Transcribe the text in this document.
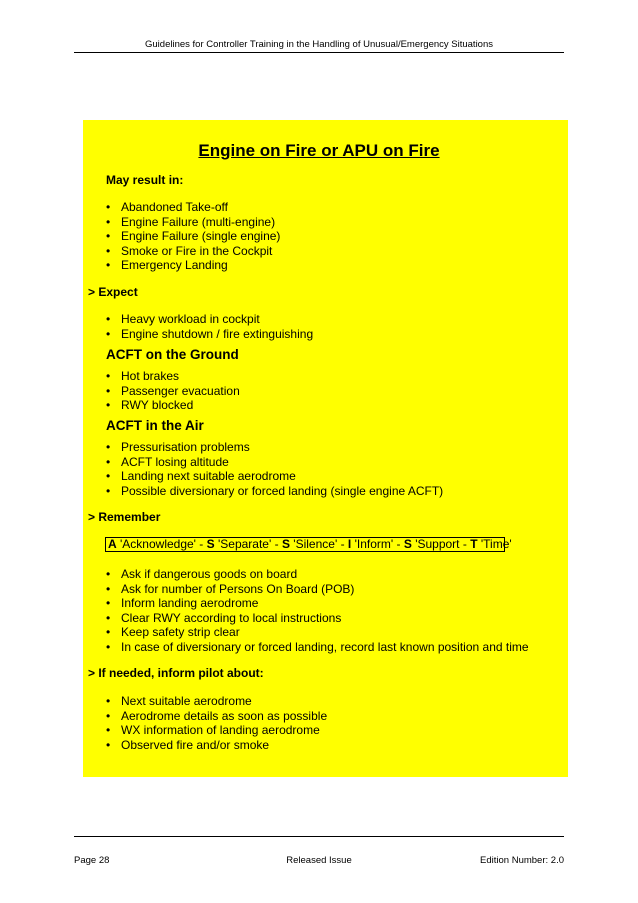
Guidelines for Controller Training in the Handling of Unusual/Emergency Situations
Engine on Fire or APU on Fire
May result in:
• Abandoned Take-off
• Engine Failure (multi-engine)
• Engine Failure (single engine)
• Smoke or Fire in the Cockpit
• Emergency Landing
> Expect
• Heavy workload in cockpit
• Engine shutdown / fire extinguishing
ACFT on the Ground
• Hot brakes
• Passenger evacuation
• RWY blocked
ACFT in the Air
• Pressurisation problems
• ACFT losing altitude
• Landing next suitable aerodrome
• Possible diversionary or forced landing (single engine ACFT)
> Remember
A 'Acknowledge' - S 'Separate' - S 'Silence' - I 'Inform' - S 'Support - T 'Time'
• Ask if dangerous goods on board
• Ask for number of Persons On Board (POB)
• Inform landing aerodrome
• Clear RWY according to local instructions
• Keep safety strip clear
• In case of diversionary or forced landing, record last known position and time
> If needed, inform pilot about:
• Next suitable aerodrome
• Aerodrome details as soon as possible
• WX information of landing aerodrome
• Observed fire and/or smoke
Page 28	Released Issue	Edition Number: 2.0
